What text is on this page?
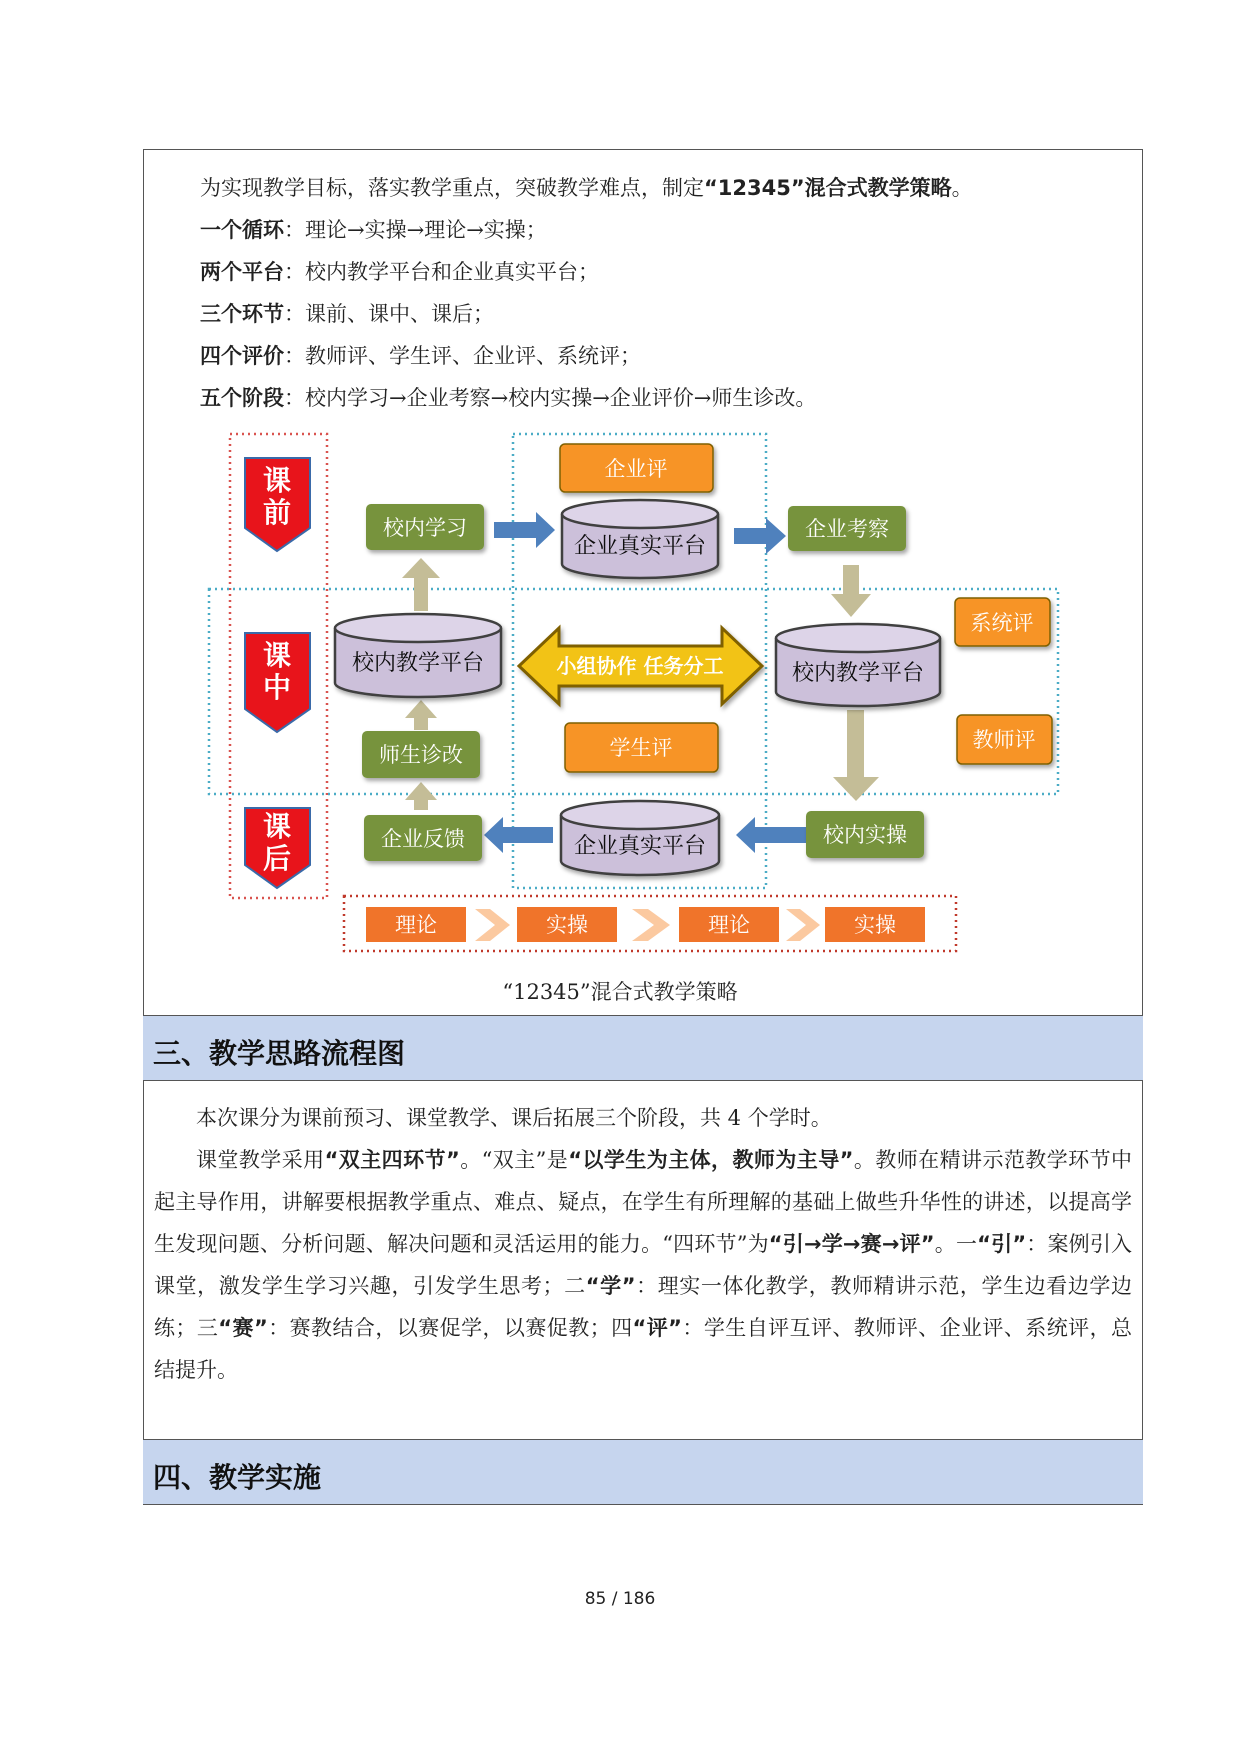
为实现教学目标，落实教学重点，突破教学难点，制定“12345”混合式教学策略。
一个循环：理论→实操→理论→实操；
两个平台：校内教学平台和企业真实平台；
三个环节：课前、课中、课后；
四个评价：教师评、学生评、企业评、系统评；
五个阶段：校内学习→企业考察→校内实操→企业评价→师生诊改。
课前
课中
课后
小组协作 任务分工
校内学习	企业考察
师生诊改
企业反馈	校内实操
企业评
系统评
学生评	教师评
企业真实平台
校内教学平台	校内教学平台
企业真实平台
理论	实操	理论	实操
“12345”混合式教学策略
三、教学思路流程图
本次课分为课前预习、课堂教学、课后拓展三个阶段，共 4 个学时。
课堂教学采用“双主四环节”。“双主”是“以学生为主体，教师为主导”。教师在精讲示范教学环节中起主导作用，讲解要根据教学重点、难点、疑点，在学生有所理解的基础上做些升华性的讲述，以提高学生发现问题、分析问题、解决问题和灵活运用的能力。“四环节”为“引→学→赛→评”。一“引”：案例引入课堂，激发学生学习兴趣，引发学生思考；二“学”：理实一体化教学，教师精讲示范，学生边看边学边练；三“赛”：赛教结合，以赛促学，以赛促教；四“评”：学生自评互评、教师评、企业评、系统评，总结提升。
四、教学实施
85 / 186
